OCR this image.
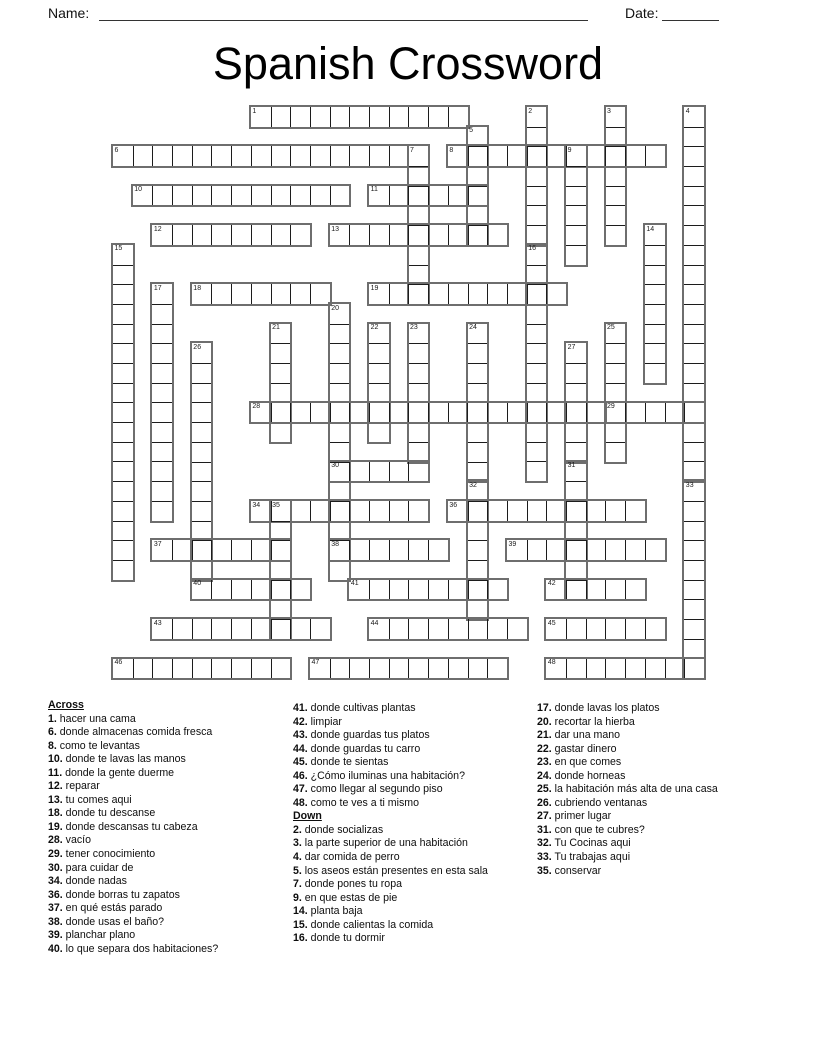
Name:	Date:
Spanish Crossword
1	2	3	4
5
6	7	8	9
10	11
12	13	14
15	16
17	18	19
20
21	22	23	24	25
26	27
28	29
30	31
32	33
34 35	36
37	38	39
40	41	42
43	44	45
46	47	48
Across
1. hacer una cama
6. donde almacenas comida fresca
8. como te levantas
10. donde te lavas las manos
11. donde la gente duerme
12. reparar
13. tu comes aqui
18. donde tu descanse
19. donde descansas tu cabeza
28. vacío
29. tener conocimiento
30. para cuidar de
34. donde nadas
36. donde borras tu zapatos
37. en qué estás parado
38. donde usas el baño?
39. planchar plano
40. lo que separa dos habitaciones?
41. donde cultivas plantas
42. limpiar
43. donde guardas tus platos
44. donde guardas tu carro
45. donde te sientas
46. ¿Cómo iluminas una habitación?
47. como llegar al segundo piso
48. como te ves a ti mismo
Down
2. donde socializas
3. la parte superior de una habitación
4. dar comida de perro
5. los aseos están presentes en esta sala
7. donde pones tu ropa
9. en que estas de pie
14. planta baja
15. donde calientas la comida
16. donde tu dormir
17. donde lavas los platos
20. recortar la hierba
21. dar una mano
22. gastar dinero
23. en que comes
24. donde horneas
25. la habitación más alta de una casa
26. cubriendo ventanas
27. primer lugar
31. con que te cubres?
32. Tu Cocinas aqui
33. Tu trabajas aqui
35. conservar
